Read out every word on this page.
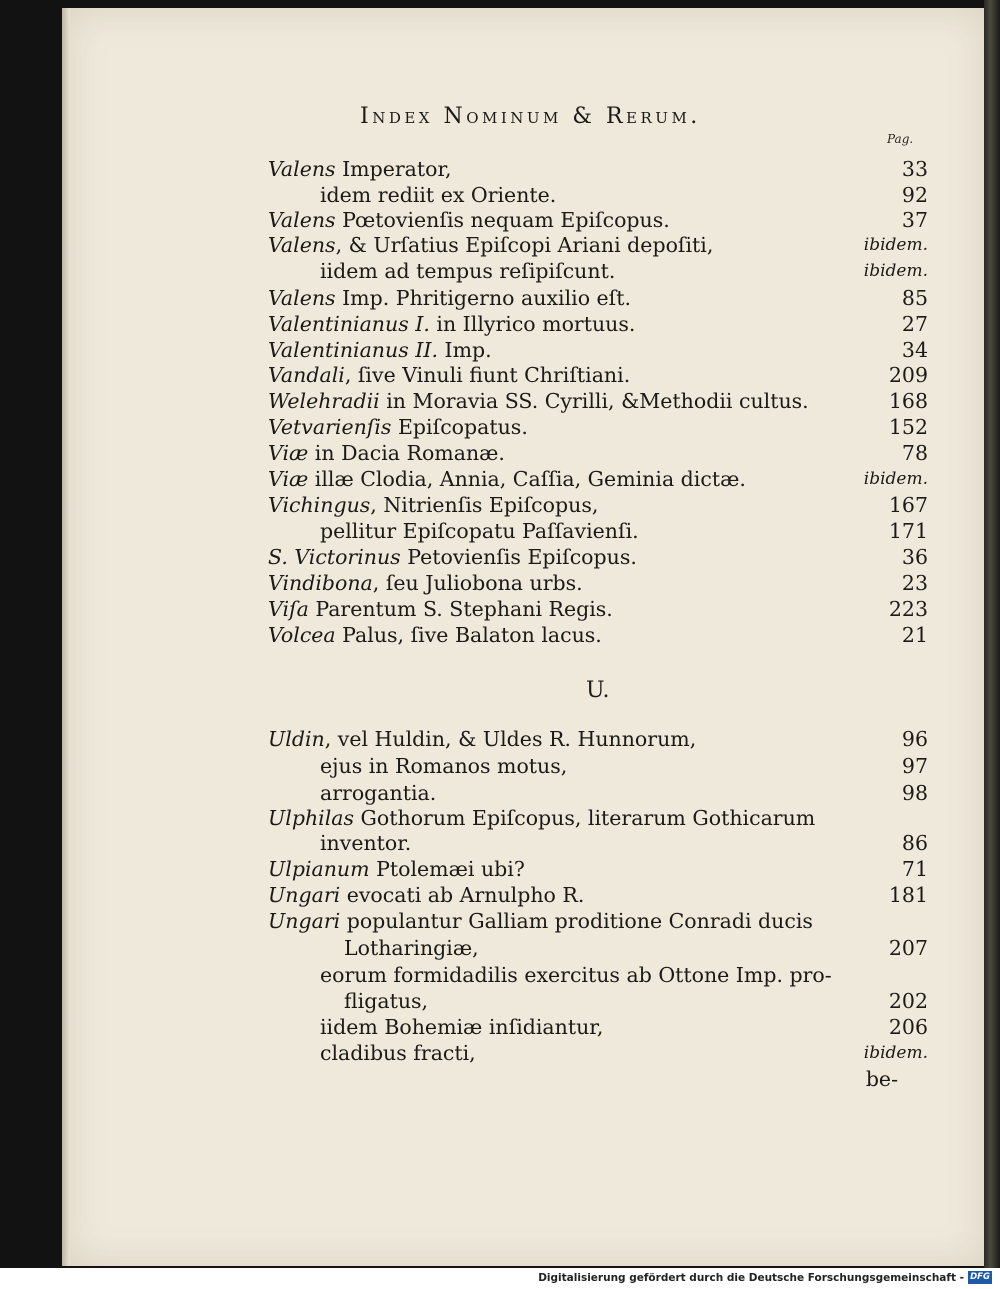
Index Nominum & Rerum.
Pag.
Valens Imperator,	33
idem rediit ex Oriente.	92
Valens Pœtovienſis nequam Epiſcopus.	37
Valens, & Urſatius Epiſcopi Ariani depoſiti,	ibidem.
iidem ad tempus reſipiſcunt.	ibidem.
Valens Imp. Phritigerno auxilio eſt.	85
Valentinianus I. in Illyrico mortuus.	27
Valentinianus II. Imp.	34
Vandali, ſive Vinuli fiunt Chriſtiani.	209
Welehradii in Moravia SS. Cyrilli, &Methodii cultus.	168
Vetvarienſis Epiſcopatus.	152
Viæ in Dacia Romanæ.	78
Viæ illæ Clodia, Annia, Caſſia, Geminia dictæ.	ibidem.
Vichingus, Nitrienſis Epiſcopus,	167
pellitur Epiſcopatu Paſſavienſi.	171
S. Victorinus Petovienſis Epiſcopus.	36
Vindibona, ſeu Juliobona urbs.	23
Viſa Parentum S. Stephani Regis.	223
Volcea Palus, ſive Balaton lacus.	21
U.
Uldin, vel Huldin, & Uldes R. Hunnorum,	96
ejus in Romanos motus,	97
arrogantia.	98
Ulphilas Gothorum Epiſcopus, literarum Gothicarum
inventor.	86
Ulpianum Ptolemæi ubi?	71
Ungari evocati ab Arnulpho R.	181
Ungari populantur Galliam proditione Conradi ducis
Lotharingiæ,	207
eorum formidadilis exercitus ab Ottone Imp. pro-
fligatus,	202
iidem Bohemiæ inſidiantur,	206
cladibus fracti,	ibidem.
be-
Digitalisierung gefördert durch die Deutsche Forschungsgemeinschaft - DFG
